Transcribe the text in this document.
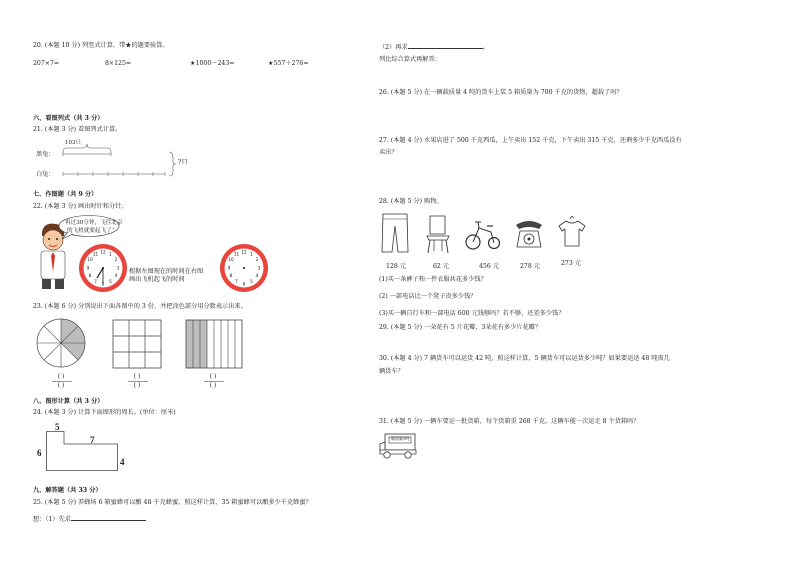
20. (本题 10 分) 列竖式计算，带★的题要验算。
207×7=	8×125=	★1000－243=	★557＋276=
六、看图列式（共 3 分）
21. (本题 3 分) 看图列式计算。
103只
黑兔：
白兔：
?只
七、作图题（共 9 分）
22. (本题 3 分) 画出时针和分针。
再过30分钟，飞往北京
的飞机就要起飞了！
12 1
2
3
4
5
6
7
8
9
10
11
根据左图现在的时间在右图
画出飞机起飞的时间
12 1
2
3
4
5
6
7
8
9
10
11
23. (本题 6 分) 分别说出下面各图中的 3 份，并把涂色部分用分数表示出来。
( )
( )
( )
( )
( )
( )
八、图形计算（共 3 分）
24. (本题 3 分) 计算下面图形的周长。(单位：厘米)
5
7
6
4
九、解答题（共 33 分）
25. (本题 5 分) 养蜂场 6 箱蜜蜂可以酿 48 千克蜂蜜。照这样计算，35 箱蜜蜂可以酿多少千克蜂蜜？
想：（1）先求
（2）再求	。
列比综合算式再解答：
26. (本题 5 分) 在一辆载质量 4 吨的货车上装 5 箱质量为 700 千克的货物，超载了吗？
27. (本题 4 分) 水果店进了 500 千克西瓜，上午卖出 152 千克，下午卖出 315 千克，还剩多少千克西瓜没有
卖出？
28. (本题 5 分) 购物。
128 元	62 元	456 元	278 元	273 元
(1)买一条裤子和一件衣服共花多少钱？
(2) 一部电话比一个凳子贵多少钱？
(3)买一辆自行车和一部电话 600 元钱够吗？若不够，还差多少钱？
29. (本题 5 分) 一朵花有 5 片花瓣，3朵花有多少片花瓣？
30. (本题 4 分) 7 辆货车可以运货 42 吨，照这样计算，5 辆货车可以运货多少吨？如果要运送 48 吨需几
辆货车？
31. (本题 5 分) 一辆车要运一批货箱，每个货箱重 268 千克，这辆车能一次运走 8 个货箱吗？
载质量3吨
